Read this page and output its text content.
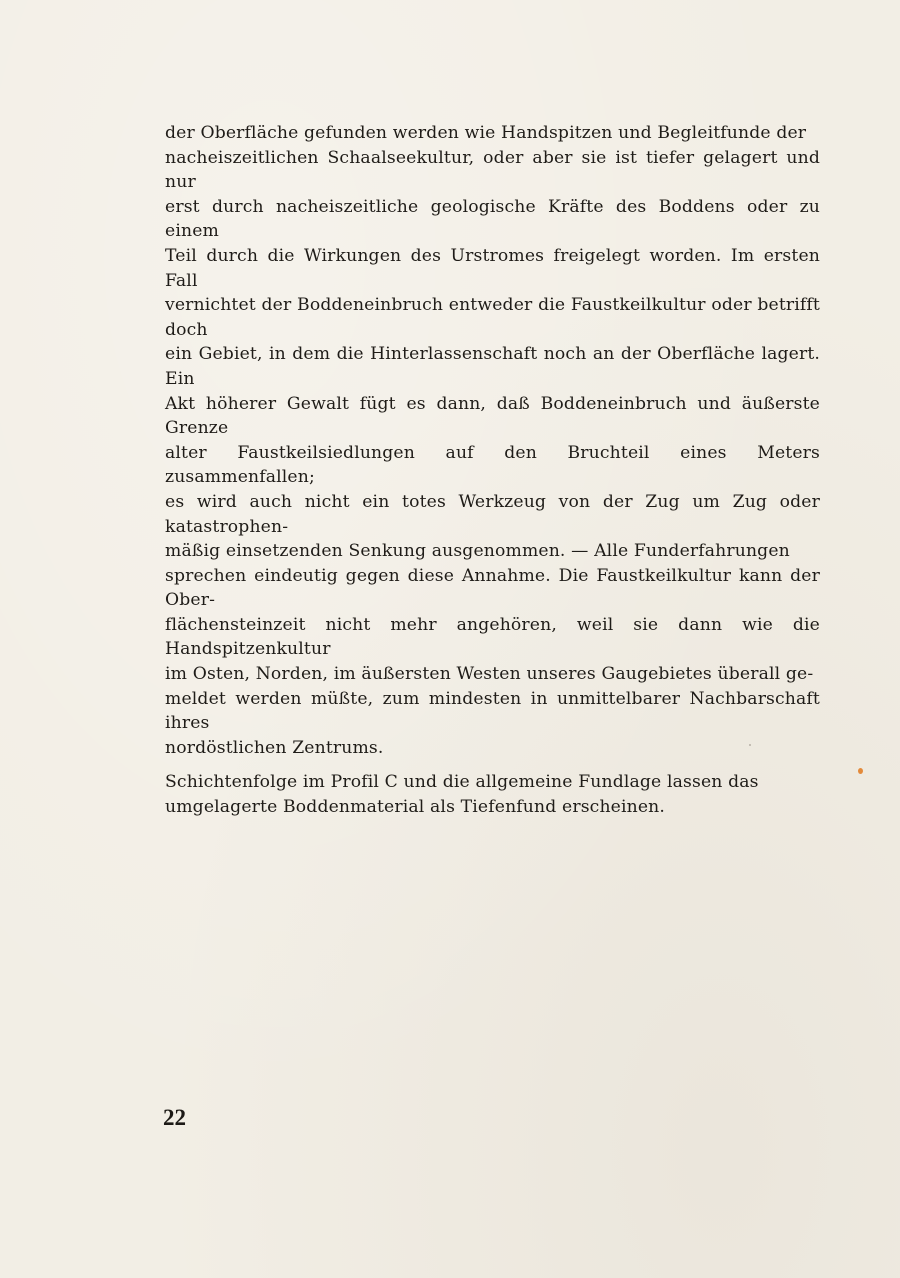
der Oberfläche gefunden werden wie Handspitzen und Begleitfunde der
nacheiszeitlichen Schaalseekultur, oder aber sie ist tiefer gelagert und nur
erst durch nacheiszeitliche geologische Kräfte des Boddens oder zu einem
Teil durch die Wirkungen des Urstromes freigelegt worden. Im ersten Fall
vernichtet der Boddeneinbruch entweder die Faustkeilkultur oder betrifft doch
ein Gebiet, in dem die Hinterlassenschaft noch an der Oberfläche lagert. Ein
Akt höherer Gewalt fügt es dann, daß Boddeneinbruch und äußerste Grenze
alter Faustkeilsiedlungen auf den Bruchteil eines Meters zusammenfallen;
es wird auch nicht ein totes Werkzeug von der Zug um Zug oder katastrophen-
mäßig einsetzenden Senkung ausgenommen. — Alle Funderfahrungen
sprechen eindeutig gegen diese Annahme. Die Faustkeilkultur kann der Ober-
flächensteinzeit nicht mehr angehören, weil sie dann wie die Handspitzenkultur
im Osten, Norden, im äußersten Westen unseres Gaugebietes überall ge-
meldet werden müßte, zum mindesten in unmittelbarer Nachbarschaft ihres
nordöstlichen Zentrums.

Schichtenfolge im Profil C und die allgemeine Fundlage lassen das
umgelagerte Boddenmaterial als Tiefenfund erscheinen.

22
